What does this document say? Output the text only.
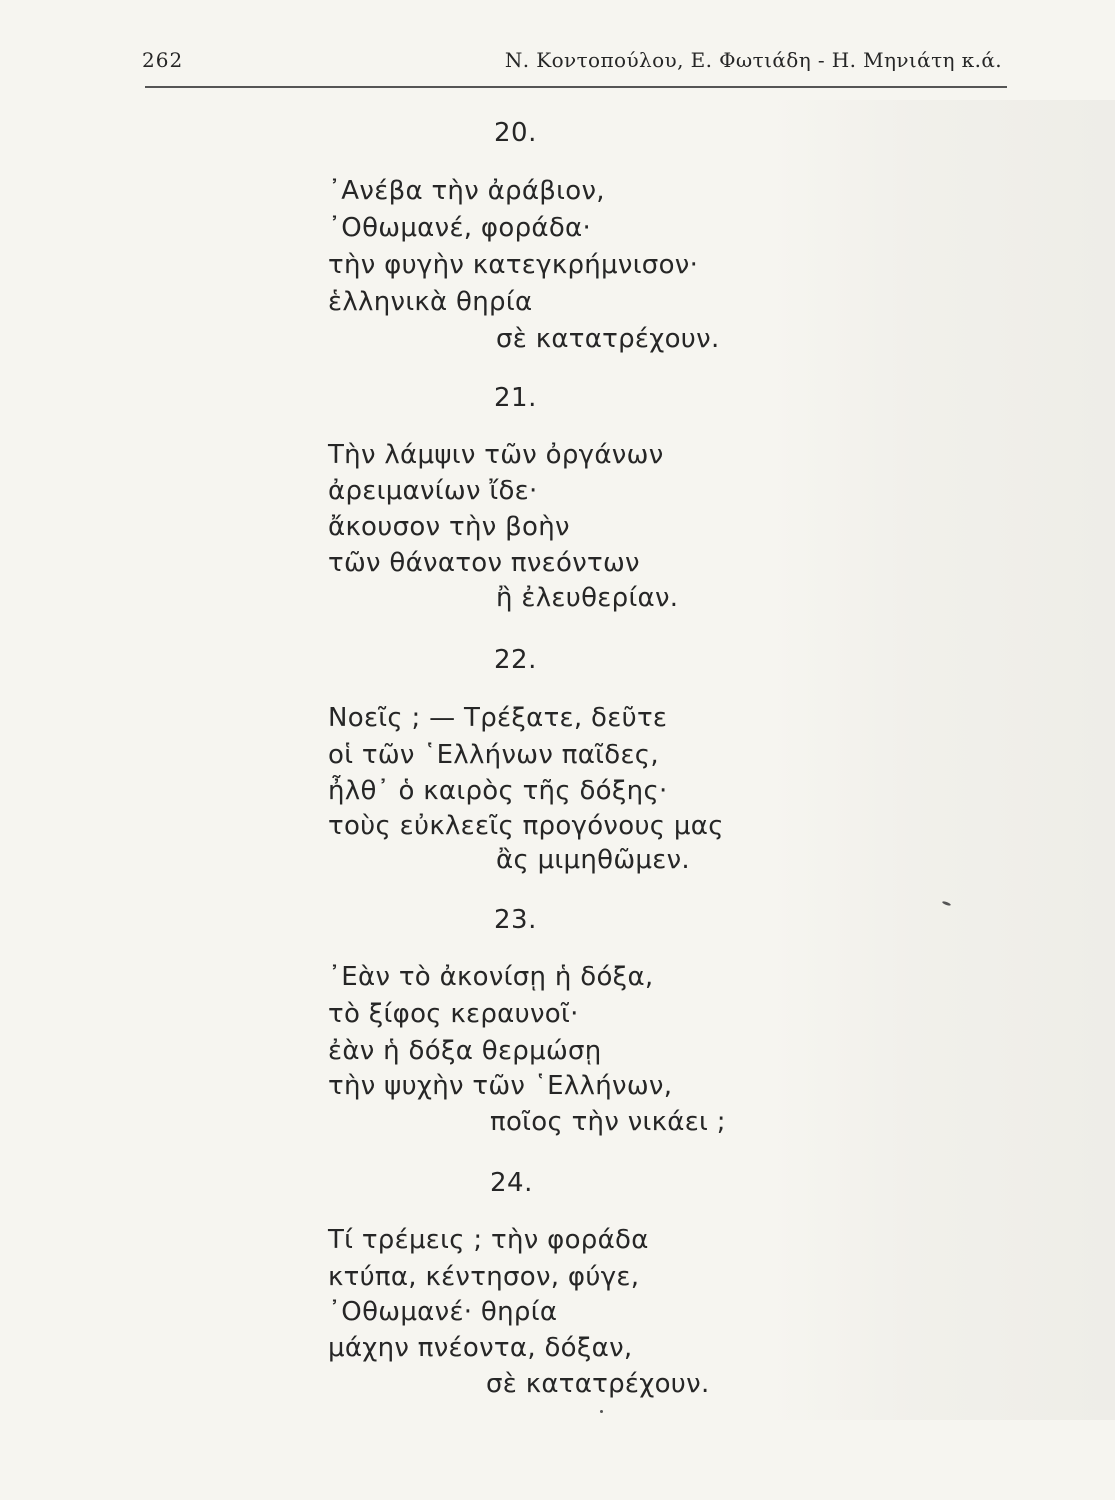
262	Ν. Κοντοπούλου, Ε. Φωτιάδη - Η. Μηνιάτη κ.ά.
20.
᾿Ανέβα τὴν ἀράβιον,
᾿Οθωμανέ, φοράδα·
τὴν φυγὴν κατεγκρήμνισον·
ἑλληνικὰ θηρία
σὲ κατατρέχουν.
21.
Τὴν λάμψιν τῶν ὀργάνων
ἀρειμανίων ἴδε·
ἄκουσον τὴν βοὴν
τῶν θάνατον πνεόντων
ἢ ἐλευθερίαν.
22.
Νοεῖς ; — Τρέξατε, δεῦτε
οἱ τῶν ῾Ελλήνων παῖδες,
ἦλθ᾿ ὁ καιρὸς τῆς δόξης·
τοὺς εὐκλεεῖς προγόνους μας
ἂς μιμηθῶμεν.
23.
᾿Εὰν τὸ ἀκονίσῃ ἡ δόξα,
τὸ ξίφος κεραυνοῖ·
ἐὰν ἡ δόξα θερμώσῃ
τὴν ψυχὴν τῶν ῾Ελλήνων,
ποῖος τὴν νικάει ;
24.
Τί τρέμεις ; τὴν φοράδα
κτύπα, κέντησον, φύγε,
᾿Οθωμανέ· θηρία
μάχην πνέοντα, δόξαν,
σὲ κατατρέχουν.
